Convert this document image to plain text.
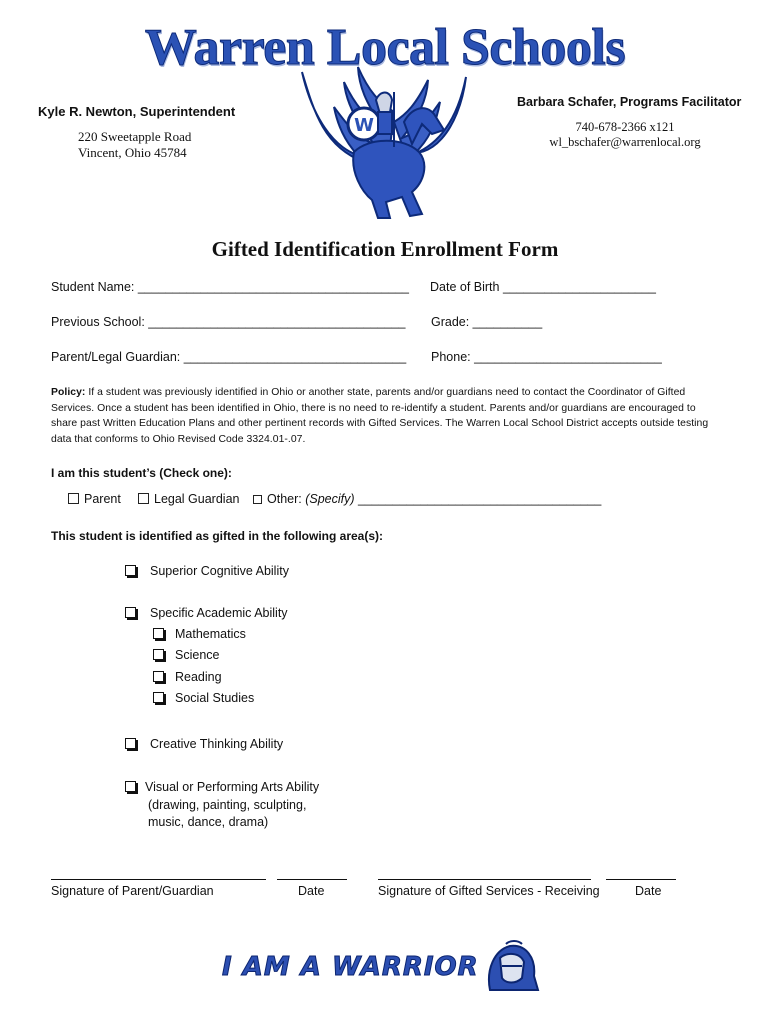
Warren Local Schools
Kyle R. Newton, Superintendent
220 Sweetapple Road
Vincent, Ohio 45784
Barbara Schafer, Programs Facilitator
740-678-2366 x121
wl_bschafer@warrenlocal.org
W
Gifted Identification Enrollment Form
Student Name: _______________________________________ Date of Birth ______________________
Previous School: _____________________________________ Grade: __________
Parent/Legal Guardian: ________________________________ Phone: ___________________________
Policy: If a student was previously identified in Ohio or another state, parents and/or guardians need to contact the Coordinator of Gifted Services. Once a student has been identified in Ohio, there is no need to re-identify a student. Parents and/or guardians are encouraged to share past Written Education Plans and other pertinent records with Gifted Services. The Warren Local School District accepts outside testing data that conforms to Ohio Revised Code 3324.01-.07.
I am this student’s (Check one):
Parent	Legal Guardian	Other: (Specify) ___________________________________
This student is identified as gifted in the following area(s):
Superior Cognitive Ability
Specific Academic Ability
Mathematics
Science
Reading
Social Studies
Creative Thinking Ability
Visual or Performing Arts Ability
(drawing, painting, sculpting,
music, dance, drama)
Signature of Parent/Guardian	Date	Signature of Gifted Services - Receiving	Date
I AM A WARRIOR
